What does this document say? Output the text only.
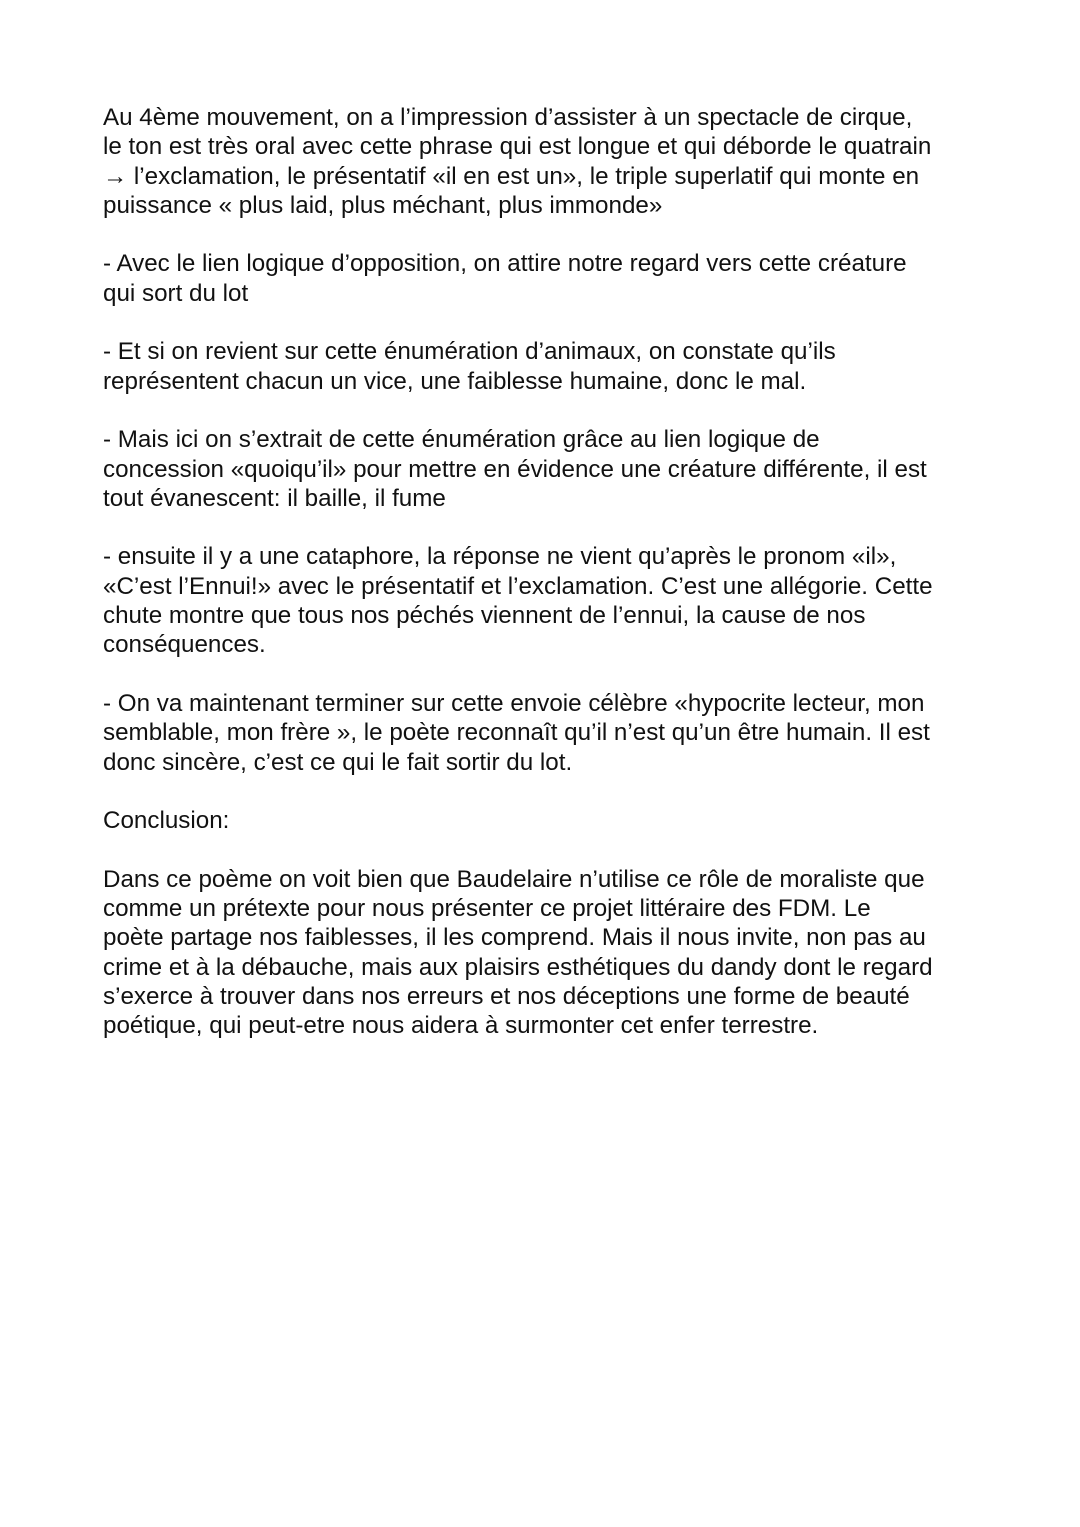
Au 4ème mouvement, on a l’impression d’assister à un spectacle de cirque,
le ton est très oral avec cette phrase qui est longue et qui déborde le quatrain
→ l’exclamation, le présentatif «il en est un», le triple superlatif qui monte en
puissance « plus laid, plus méchant, plus immonde»

- Avec le lien logique d’opposition, on attire notre regard vers cette créature
qui sort du lot

- Et si on revient sur cette énumération d’animaux, on constate qu’ils
représentent chacun un vice, une faiblesse humaine, donc le mal.

- Mais ici on s’extrait de cette énumération grâce au lien logique de
concession «quoiqu’il» pour mettre en évidence une créature différente, il est
tout évanescent: il baille, il fume

- ensuite il y a une cataphore, la réponse ne vient qu’après le pronom «il»,
«C’est l’Ennui!» avec le présentatif et l’exclamation. C’est une allégorie. Cette
chute montre que tous nos péchés viennent de l’ennui, la cause de nos
conséquences.

- On va maintenant terminer sur cette envoie célèbre «hypocrite lecteur, mon
semblable, mon frère », le poète reconnaît qu’il n’est qu’un être humain. Il est
donc sincère, c’est ce qui le fait sortir du lot.

Conclusion:

Dans ce poème on voit bien que Baudelaire n’utilise ce rôle de moraliste que
comme un prétexte pour nous présenter ce projet littéraire des FDM. Le
poète partage nos faiblesses, il les comprend. Mais il nous invite, non pas au
crime et à la débauche, mais aux plaisirs esthétiques du dandy dont le regard
s’exerce à trouver dans nos erreurs et nos déceptions une forme de beauté
poétique, qui peut-etre nous aidera à surmonter cet enfer terrestre.
